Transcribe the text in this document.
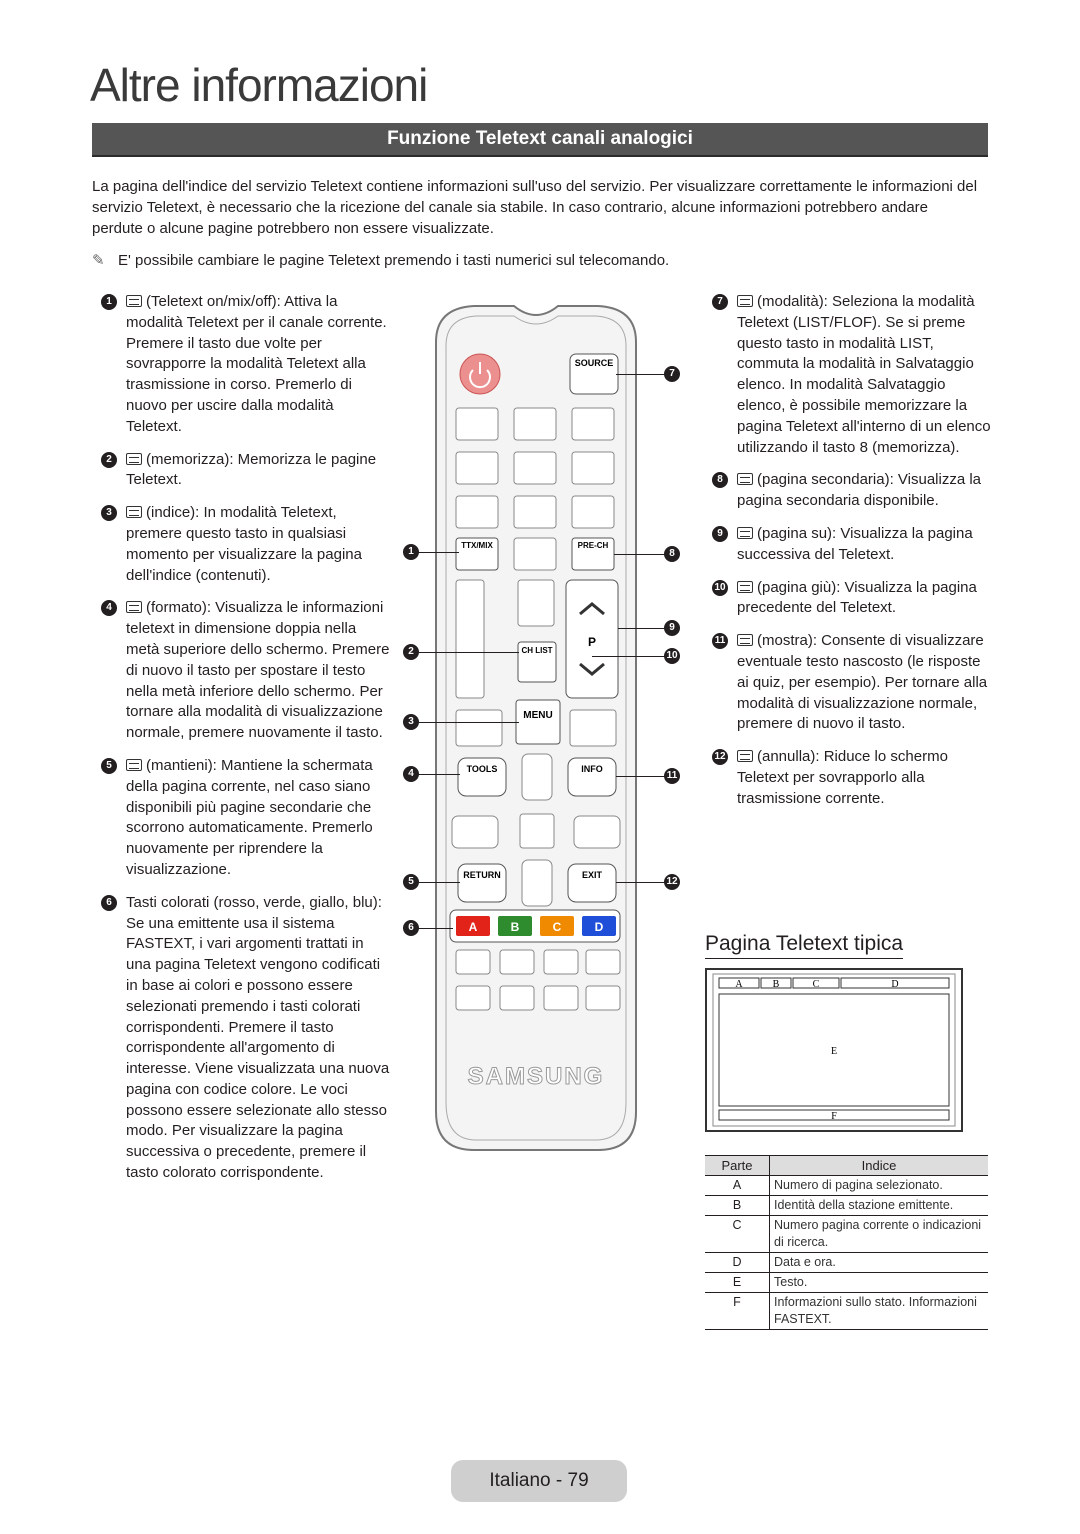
Altre informazioni
Funzione Teletext canali analogici

La pagina dell'indice del servizio Teletext contiene informazioni sull'uso del servizio. Per visualizzare correttamente le informazioni del servizio Teletext, è necessario che la ricezione del canale sia stabile. In caso contrario, alcune informazioni potrebbero andare perdute o alcune pagine potrebbero non essere visualizzate.

✎ E' possibile cambiare le pagine Teletext premendo i tasti numerici sul telecomando.

1	(Teletext on/mix/off): Attiva la modalità Teletext per il canale corrente. Premere il tasto due volte per sovrapporre la modalità Teletext alla trasmissione in corso. Premerlo di nuovo per uscire dalla modalità Teletext.
2	(memorizza): Memorizza le pagine Teletext.
3	(indice): In modalità Teletext, premere questo tasto in qualsiasi momento per visualizzare la pagina dell'indice (contenuti).
4	(formato): Visualizza le informazioni teletext in dimensione doppia nella metà superiore dello schermo. Premere di nuovo il tasto per spostare il testo nella metà inferiore dello schermo. Per tornare alla modalità di visualizzazione normale, premere nuovamente il tasto.
5	(mantieni): Mantiene la schermata della pagina corrente, nel caso siano disponibili più pagine secondarie che scorrono automaticamente. Premerlo nuovamente per riprendere la visualizzazione.
6 Tasti colorati (rosso, verde, giallo, blu): Se una emittente usa il sistema FASTEXT, i vari argomenti trattati in una pagina Teletext vengono codificati in base ai colori e possono essere selezionati premendo i tasti colorati corrispondenti. Premere il tasto corrispondente all'argomento di interesse. Viene visualizzata una nuova pagina con codice colore. Le voci possono essere selezionate allo stesso modo. Per visualizzare la pagina successiva o precedente, premere il tasto colorato corrispondente.
7	(modalità): Seleziona la modalità Teletext (LIST/FLOF). Se si preme questo tasto in modalità LIST, commuta la modalità in Salvataggio elenco. In modalità Salvataggio elenco, è possibile memorizzare la pagina Teletext all'interno di un elenco utilizzando il tasto 8 (memorizza).
8	(pagina secondaria): Visualizza la pagina secondaria disponibile.
9	(pagina su): Visualizza la pagina successiva del Teletext.
10 (pagina giù): Visualizza la pagina precedente del Teletext.
11 (mostra): Consente di visualizzare eventuale testo nascosto (le risposte ai quiz, per esempio). Per tornare alla modalità di visualizzazione normale, premere di nuovo il tasto.
12 (annulla): Riduce lo schermo Teletext per sovrapporlo alla trasmissione corrente.
SOURCE
TTX/MIX	PRE-CH
CH LIST
P
MENU
TOOLS	INFO
RETURN	EXIT
A	B	C	D
SAMSUNG
1
2
3
4
5
6
7
8
9
10
11
12
Pagina Teletext tipica
A	B	C	D
E
F
Parte	Indice
A	Numero di pagina selezionato.
B	Identità della stazione emittente.
C	Numero pagina corrente o indicazioni di ricerca.
D	Data e ora.
E	Testo.
F	Informazioni sullo stato. Informazioni FASTEXT.
Italiano - 79
